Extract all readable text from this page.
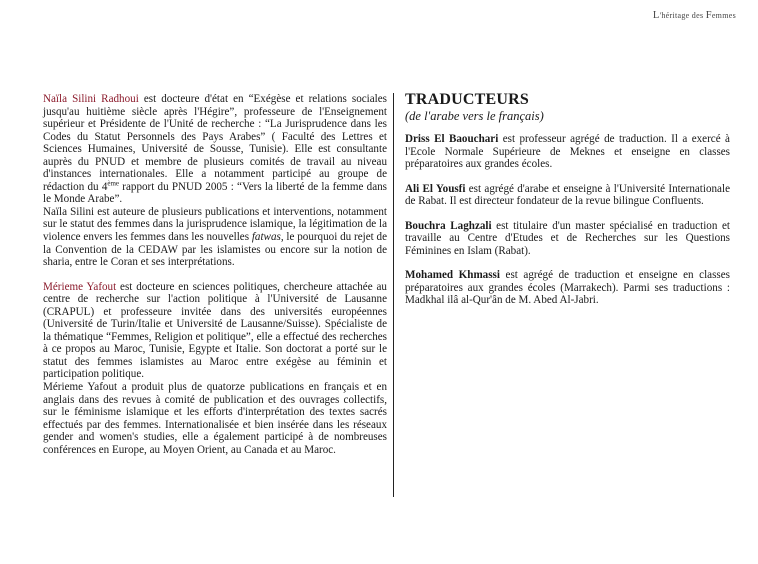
L'héritage des Femmes

Naïla Silini Radhoui est docteure d'état en “Exégèse et relations sociales jusqu'au huitième siècle après l'Hégire”, professeure de l'Enseignement supérieur et Présidente de l'Unité de recherche : “La Jurisprudence dans les Codes du Statut Personnels des Pays Arabes” ( Faculté des Lettres et Sciences Humaines, Université de Sousse, Tunisie). Elle est consultante auprès du PNUD et membre de plusieurs comités de travail au niveau d'instances internationales. Elle a notamment participé au groupe de rédaction du 4ème rapport du PNUD 2005 : “Vers la liberté de la femme dans le Monde Arabe”.

Naïla Silini est auteure de plusieurs publications et interventions, notamment sur le statut des femmes dans la jurisprudence islamique, la légitimation de la violence envers les femmes dans les nouvelles fatwas, le pourquoi du rejet de la Convention de la CEDAW par les islamistes ou encore sur la notion de sharia, entre le Coran et ses interprétations.

Mérieme Yafout est docteure en sciences politiques, chercheure attachée au centre de recherche sur l'action politique à l'Université de Lausanne (CRAPUL) et professeure invitée dans des universités européennes (Université de Turin/Italie et Université de Lausanne/Suisse). Spécialiste de la thématique “Femmes, Religion et politique”, elle a effectué des recherches à ce propos au Maroc, Tunisie, Egypte et Italie. Son doctorat a porté sur le statut des femmes islamistes au Maroc entre exégèse au féminin et participation politique.

Mérieme Yafout a produit plus de quatorze publications en français et en anglais dans des revues à comité de publication et des ouvrages collectifs, sur le féminisme islamique et les efforts d'interprétation des textes sacrés effectués par des femmes. Internationalisée et bien insérée dans les réseaux gender and women's studies, elle a également participé à de nombreuses conférences en Europe, au Moyen Orient, au Canada et au Maroc.

TRADUCTEURS
(de l'arabe vers le français)

Driss El Baouchari est professeur agrégé de traduction. Il a exercé à l'Ecole Normale Supérieure de Meknes et enseigne en classes préparatoires aux grandes écoles.

Ali El Yousfi est agrégé d'arabe et enseigne à l'Université Internationale de Rabat. Il est directeur fondateur de la revue bilingue Confluents.

Bouchra Laghzali est titulaire d'un master spécialisé en traduction et travaille au Centre d'Etudes et de Recherches sur les Questions Féminines en Islam (Rabat).

Mohamed Khmassi est agrégé de traduction et enseigne en classes préparatoires aux grandes écoles (Marrakech). Parmi ses traductions : Madkhal ilâ al-Qur'ân de M. Abed Al-Jabri.
